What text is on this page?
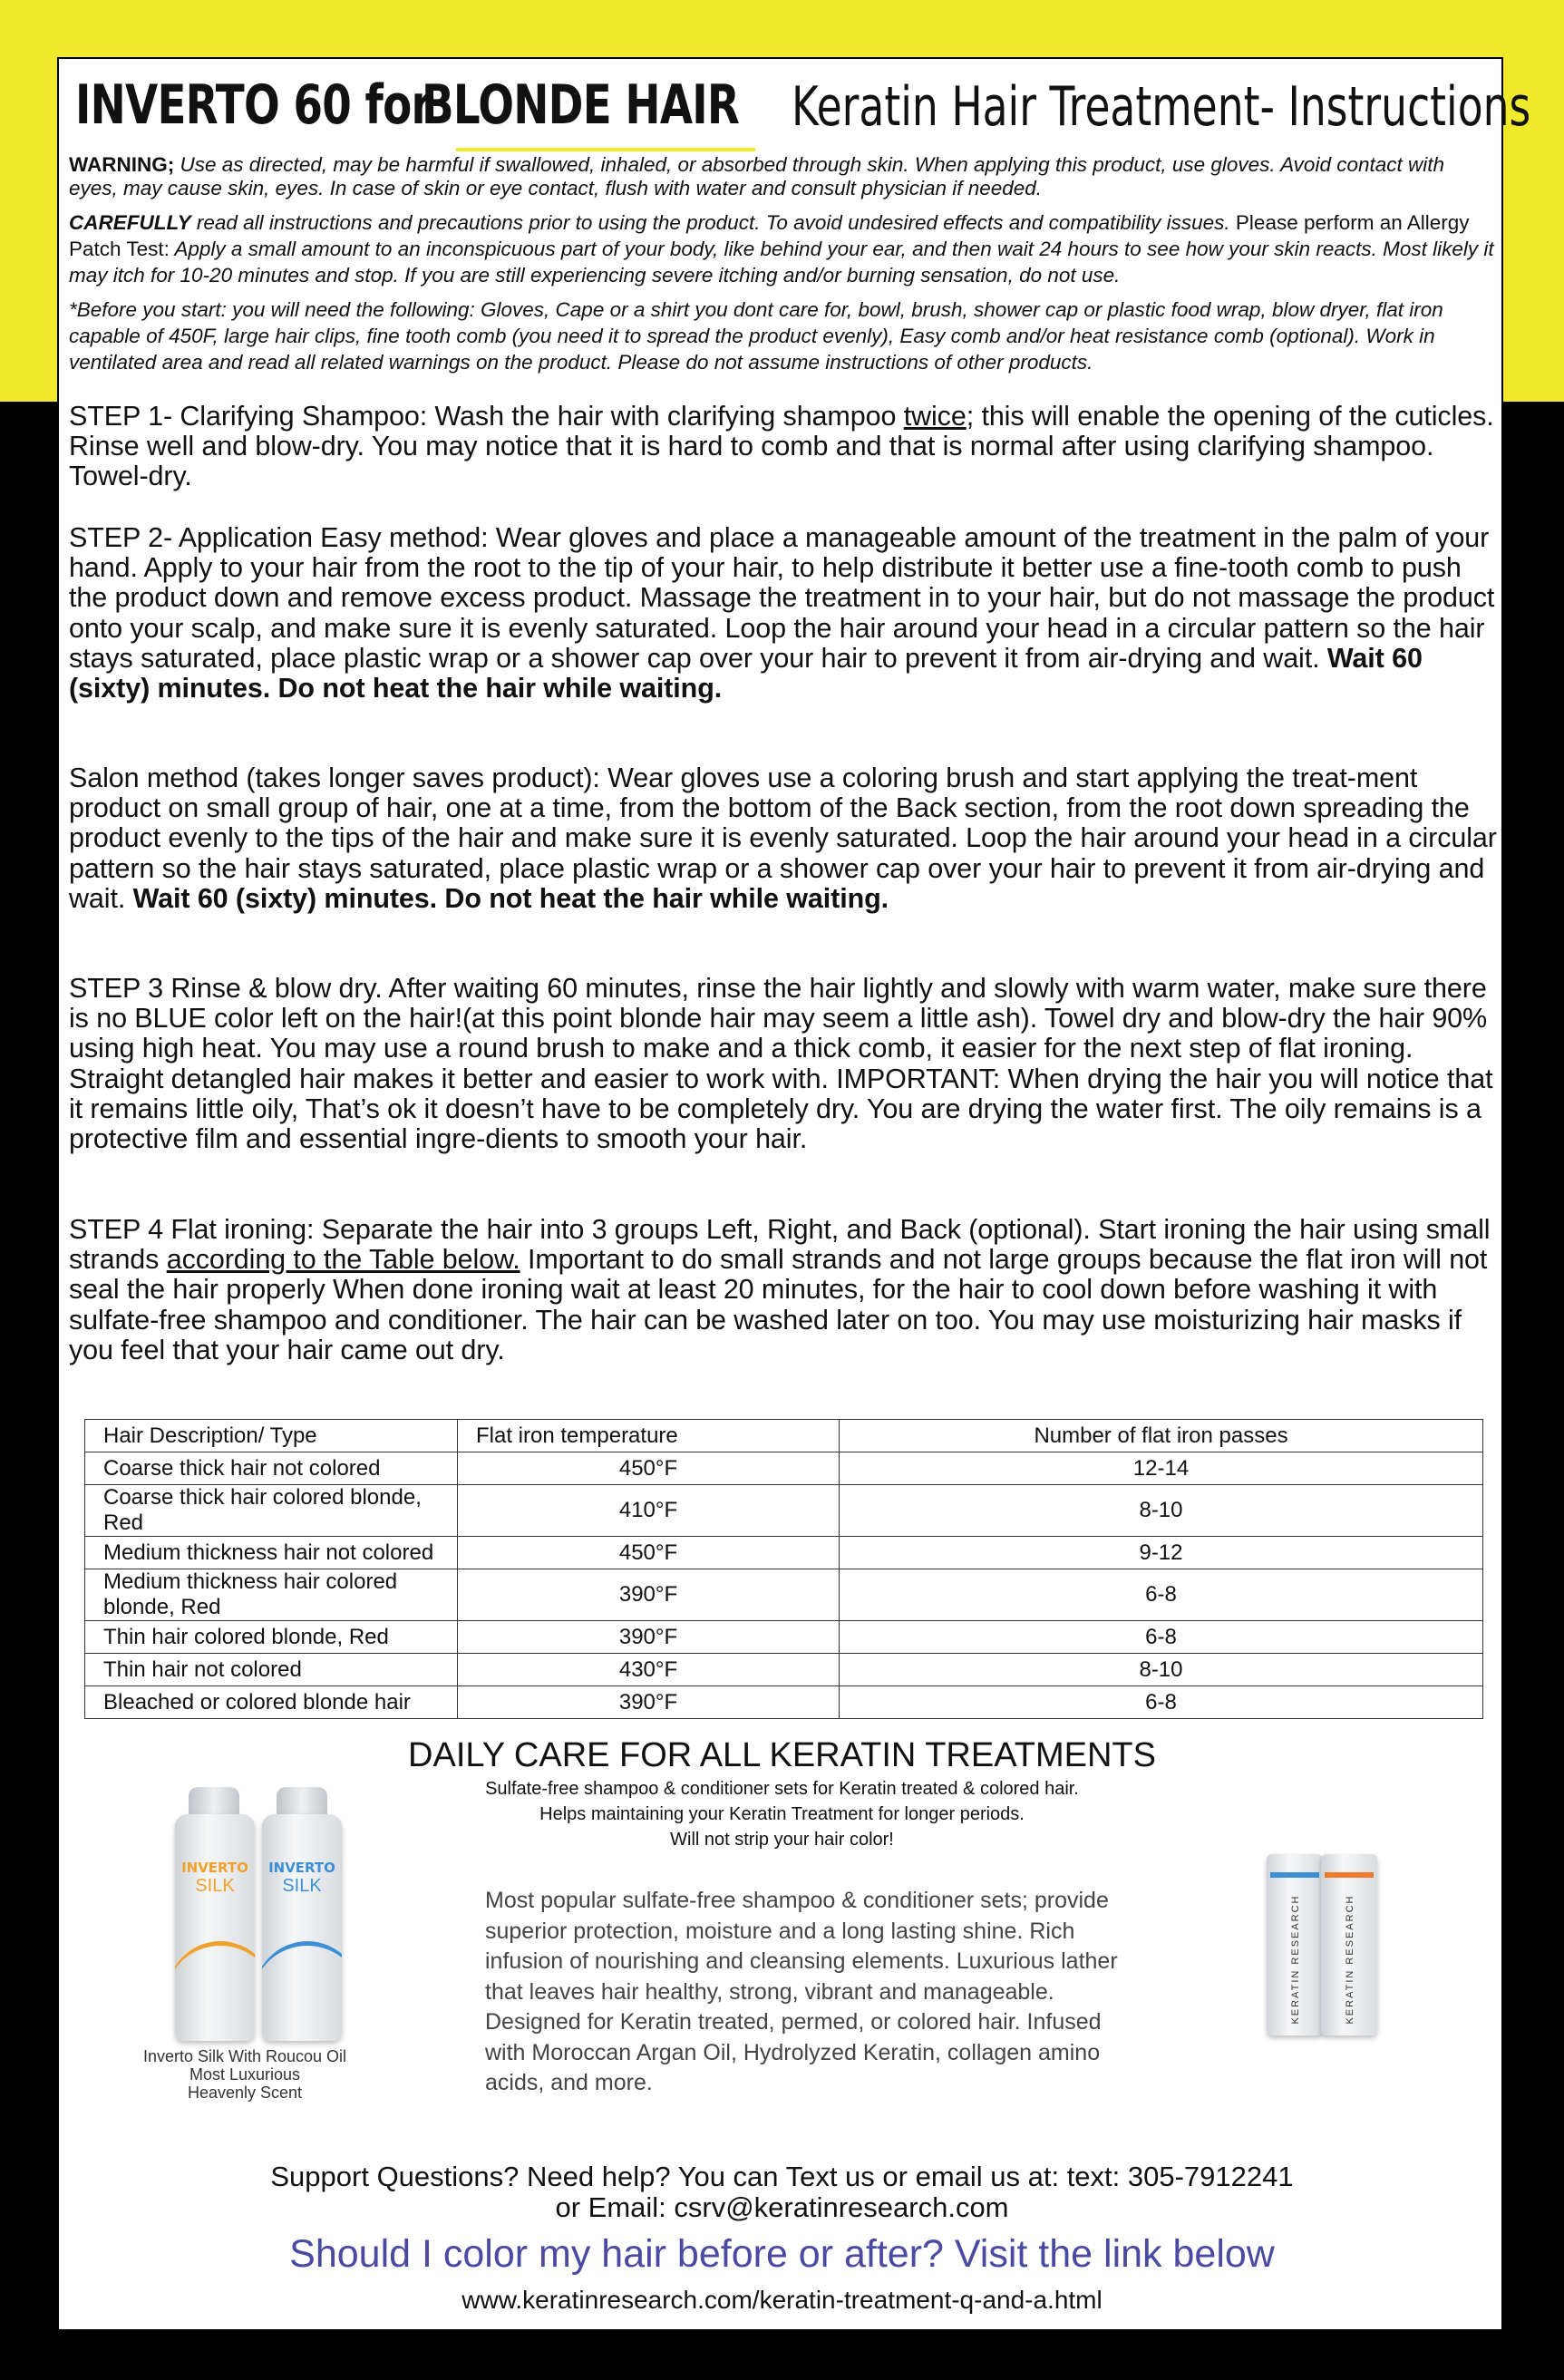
INVERTO 60 for
BLONDE HAIR Keratin Hair Treatment- Instructions
WARNING; Use as directed, may be harmful if swallowed, inhaled, or absorbed through skin. When applying this product, use gloves. Avoid contact with eyes, may cause skin, eyes. In case of skin or eye contact, flush with water and consult physician if needed.
CAREFULLY read all instructions and precautions prior to using the product. To avoid undesired effects and compatibility issues. Please perform an Allergy Patch Test: Apply a small amount to an inconspicuous part of your body, like behind your ear, and then wait 24 hours to see how your skin reacts. Most likely it may itch for 10-20 minutes and stop. If you are still experiencing severe itching and/or burning sensation, do not use.
*Before you start: you will need the following: Gloves, Cape or a shirt you dont care for, bowl, brush, shower cap or plastic food wrap, blow dryer, flat iron capable of 450F, large hair clips, fine tooth comb (you need it to spread the product evenly), Easy comb and/or heat resistance comb (optional). Work in ventilated area and read all related warnings on the product. Please do not assume instructions of other products.
STEP 1- Clarifying Shampoo: Wash the hair with clarifying shampoo twice; this will enable the opening of the cuticles. Rinse well and blow-dry. You may notice that it is hard to comb and that is normal after using clarifying shampoo. Towel-dry.
STEP 2- Application Easy method: Wear gloves and place a manageable amount of the treatment in the palm of your hand. Apply to your hair from the root to the tip of your hair, to help distribute it better use a fine-tooth comb to push the product down and remove excess product. Massage the treatment in to your hair, but do not massage the product onto your scalp, and make sure it is evenly saturated. Loop the hair around your head in a circular pattern so the hair stays saturated, place plastic wrap or a shower cap over your hair to prevent it from air-drying and wait. Wait 60 (sixty) minutes. Do not heat the hair while waiting.
Salon method (takes longer saves product): Wear gloves use a coloring brush and start applying the treat-ment product on small group of hair, one at a time, from the bottom of the Back section, from the root down spreading the product evenly to the tips of the hair and make sure it is evenly saturated. Loop the hair around your head in a circular pattern so the hair stays saturated, place plastic wrap or a shower cap over your hair to prevent it from air-drying and wait. Wait 60 (sixty) minutes. Do not heat the hair while waiting.
STEP 3 Rinse & blow dry. After waiting 60 minutes, rinse the hair lightly and slowly with warm water, make sure there is no BLUE color left on the hair!(at this point blonde hair may seem a little ash). Towel dry and blow-dry the hair 90% using high heat. You may use a round brush to make and a thick comb, it easier for the next step of flat ironing. Straight detangled hair makes it better and easier to work with. IMPORTANT: When drying the hair you will notice that it remains little oily, That’s ok it doesn’t have to be completely dry. You are drying the water first. The oily remains is a protective film and essential ingre-dients to smooth your hair.
STEP 4 Flat ironing: Separate the hair into 3 groups Left, Right, and Back (optional). Start ironing the hair using small strands according to the Table below. Important to do small strands and not large groups because the flat iron will not seal the hair properly When done ironing wait at least 20 minutes, for the hair to cool down before washing it with sulfate-free shampoo and conditioner. The hair can be washed later on too. You may use moisturizing hair masks if you feel that your hair came out dry.
Hair Description/ Type	Flat iron temperature	Number of flat iron passes
Coarse thick hair not colored	450°F	12-14
Coarse thick hair colored blonde, Red	410°F	8-10
Medium thickness hair not colored	450°F	9-12
Medium thickness hair colored blonde, Red	390°F	6-8
Thin hair colored blonde, Red	390°F	6-8
Thin hair not colored	430°F	8-10
Bleached or colored blonde hair	390°F	6-8
DAILY CARE FOR ALL KERATIN TREATMENTS
Sulfate-free shampoo & conditioner sets for Keratin treated & colored hair.
Helps maintaining your Keratin Treatment for longer periods.
Will not strip your hair color!
INVERTO
SILK
INVERTO
SILK
Inverto Silk With Roucou Oil
Most Luxurious
Heavenly Scent
Most popular sulfate-free shampoo & conditioner sets; provide superior protection, moisture and a long lasting shine. Rich infusion of nourishing and cleansing elements. Luxurious lather that leaves hair healthy, strong, vibrant and manageable. Designed for Keratin treated, permed, or colored hair. Infused with Moroccan Argan Oil, Hydrolyzed Keratin, collagen amino acids, and more.
KERATIN RESEARCH	KERATIN RESEARCH
Support Questions? Need help? You can Text us or email us at: text: 305-7912241
or Email: csrv@keratinresearch.com
Should I color my hair before or after? Visit the link below
www.keratinresearch.com/keratin-treatment-q-and-a.html
